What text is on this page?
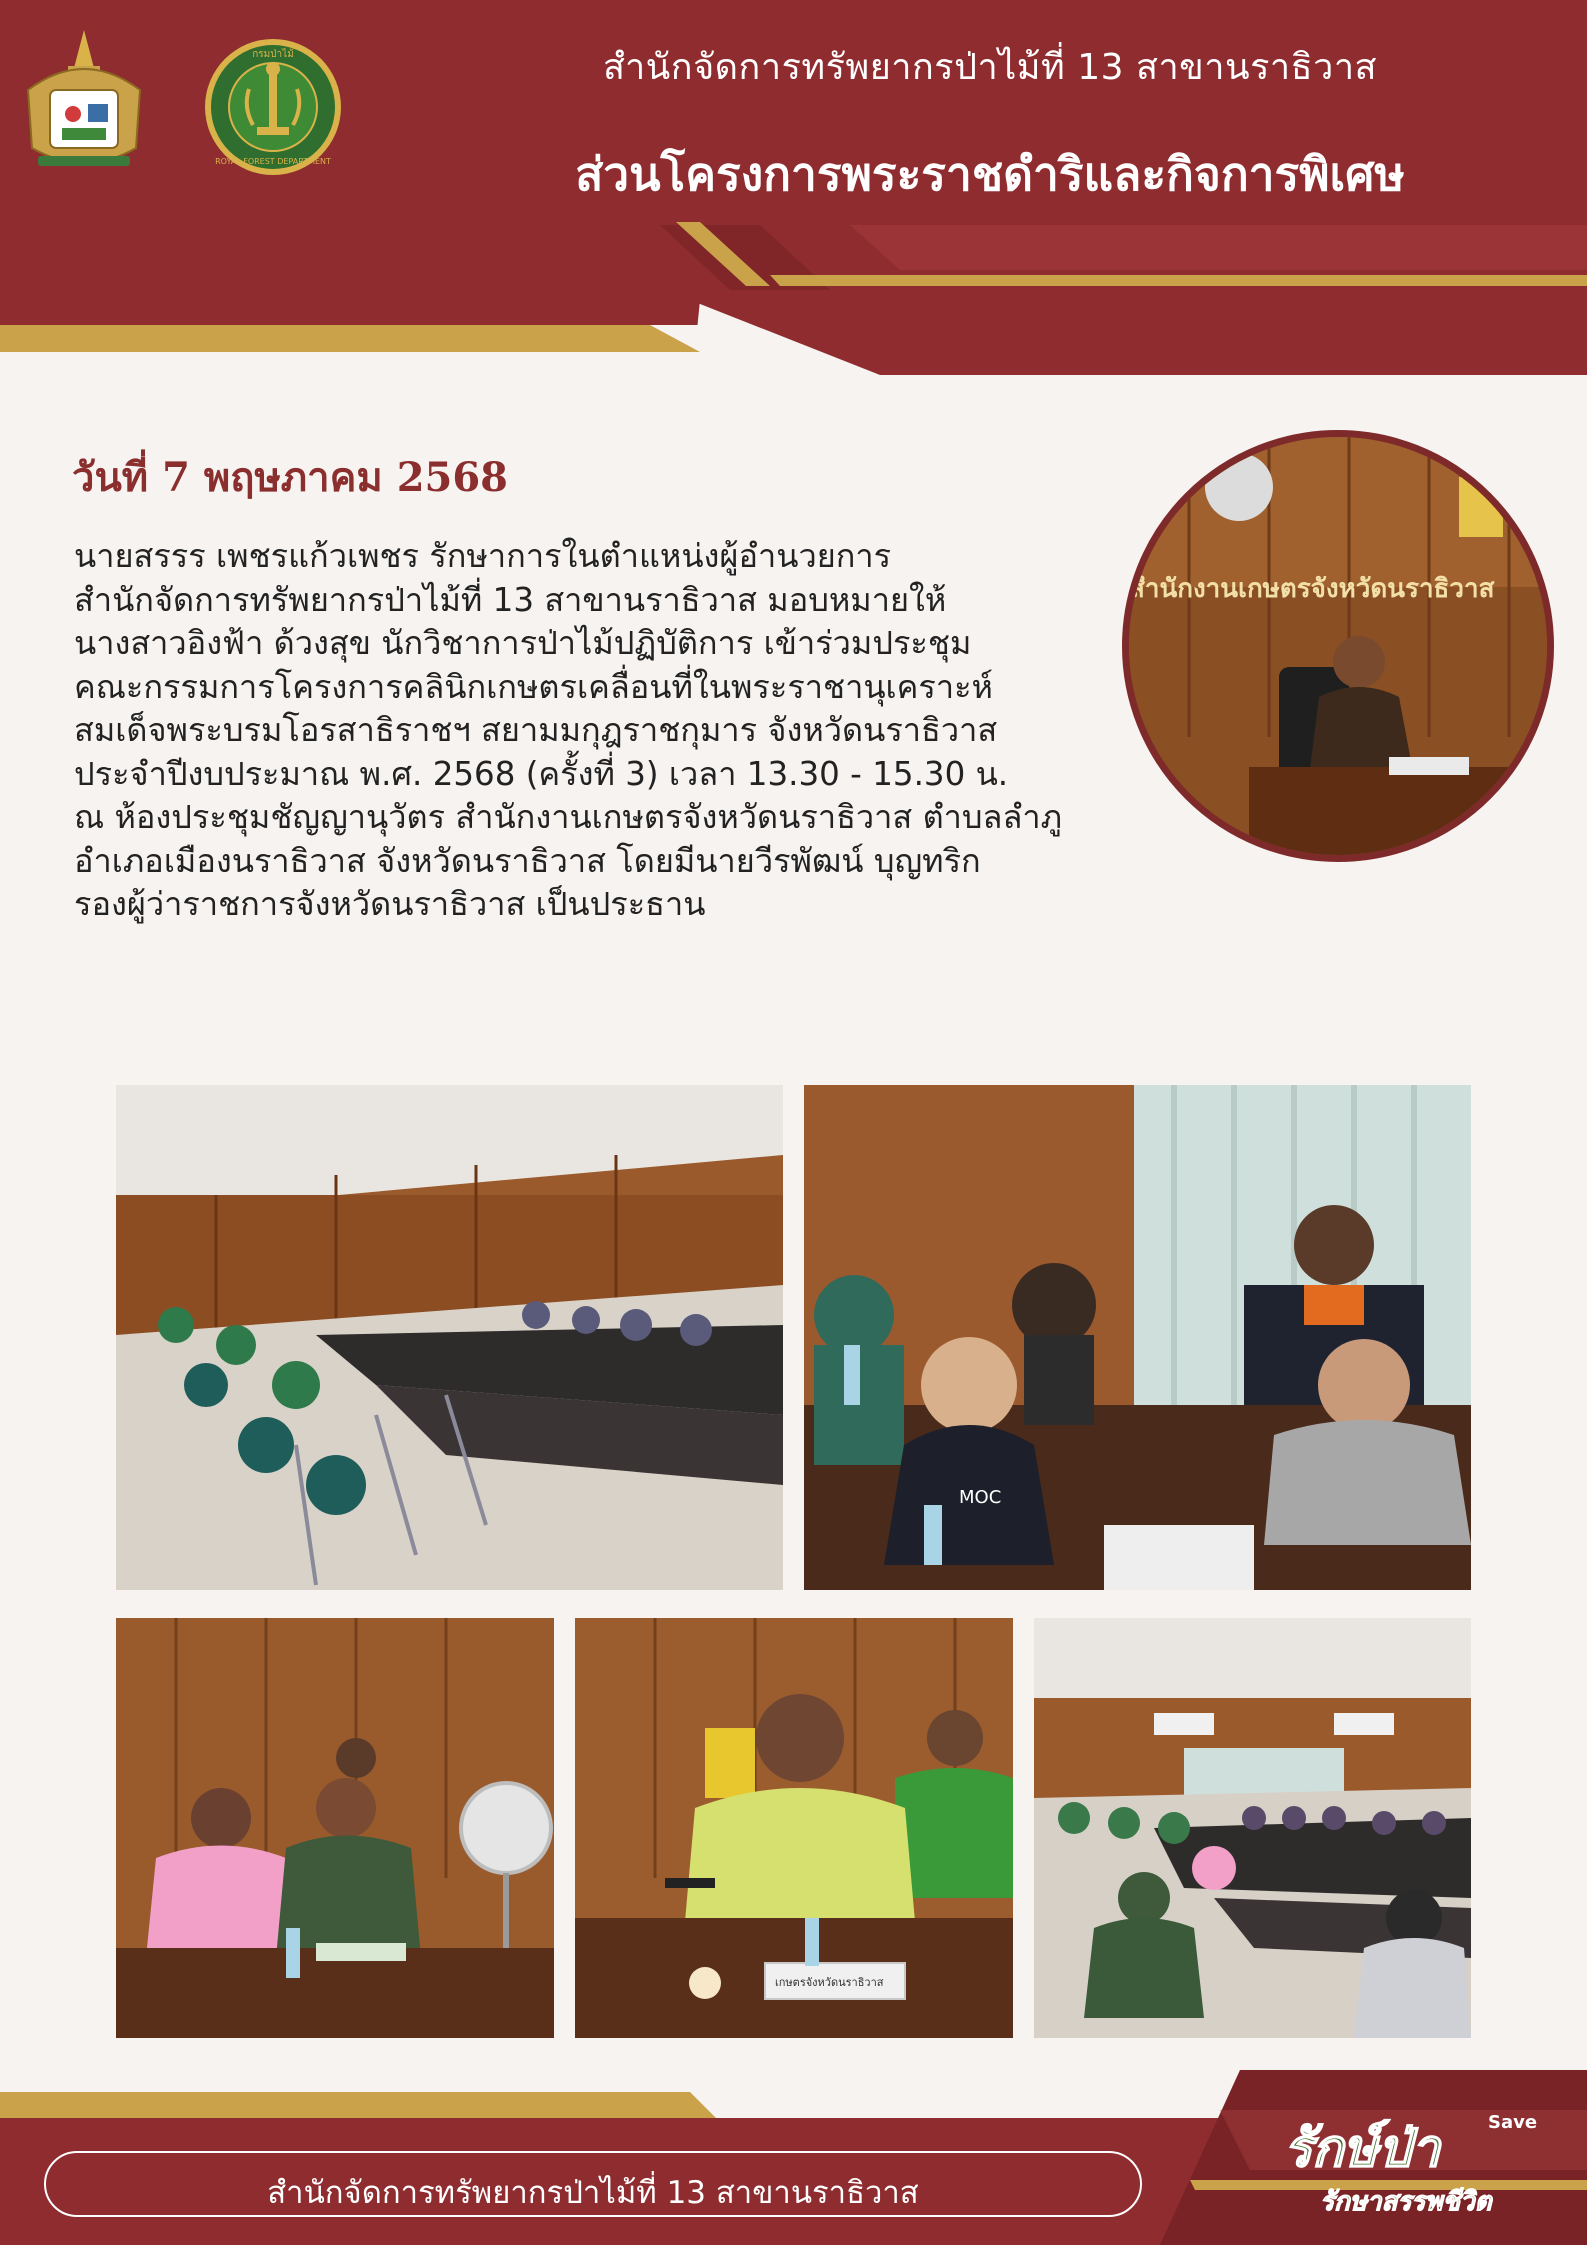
กรมป่าไม้
ROYAL FOREST DEPARTMENT
สำนักจัดการทรัพยากรป่าไม้ที่ 13 สาขานราธิวาส
ส่วนโครงการพระราชดำริและกิจการพิเศษ
วันที่ 7 พฤษภาคม 2568
นายสรรร เพชรแก้วเพชร รักษาการในตำแหน่งผู้อำนวยการ
สำนักจัดการทรัพยากรป่าไม้ที่ 13 สาขานราธิวาส มอบหมายให้
นางสาวอิงฟ้า ด้วงสุข นักวิชาการป่าไม้ปฏิบัติการ เข้าร่วมประชุม
คณะกรรมการโครงการคลินิกเกษตรเคลื่อนที่ในพระราชานุเคราะห์
สมเด็จพระบรมโอรสาธิราชฯ สยามมกุฎราชกุมาร จังหวัดนราธิวาส
ประจำปีงบประมาณ พ.ศ. 2568 (ครั้งที่ 3) เวลา 13.30 - 15.30 น.
ณ ห้องประชุมชัญญานุวัตร สำนักงานเกษตรจังหวัดนราธิวาส ตำบลลำภู
อำเภอเมืองนราธิวาส จังหวัดนราธิวาส โดยมีนายวีรพัฒน์ บุญทริก
รองผู้ว่าราชการจังหวัดนราธิวาส เป็นประธาน
สำนักงานเกษตรจังหวัดนราธิวาส
MOC
เกษตรจังหวัดนราธิวาส
สำนักจัดการทรัพยากรป่าไม้ที่ 13 สาขานราธิวาส
รักษ์ป่า	Save
รักษาสรรพชีวิต
